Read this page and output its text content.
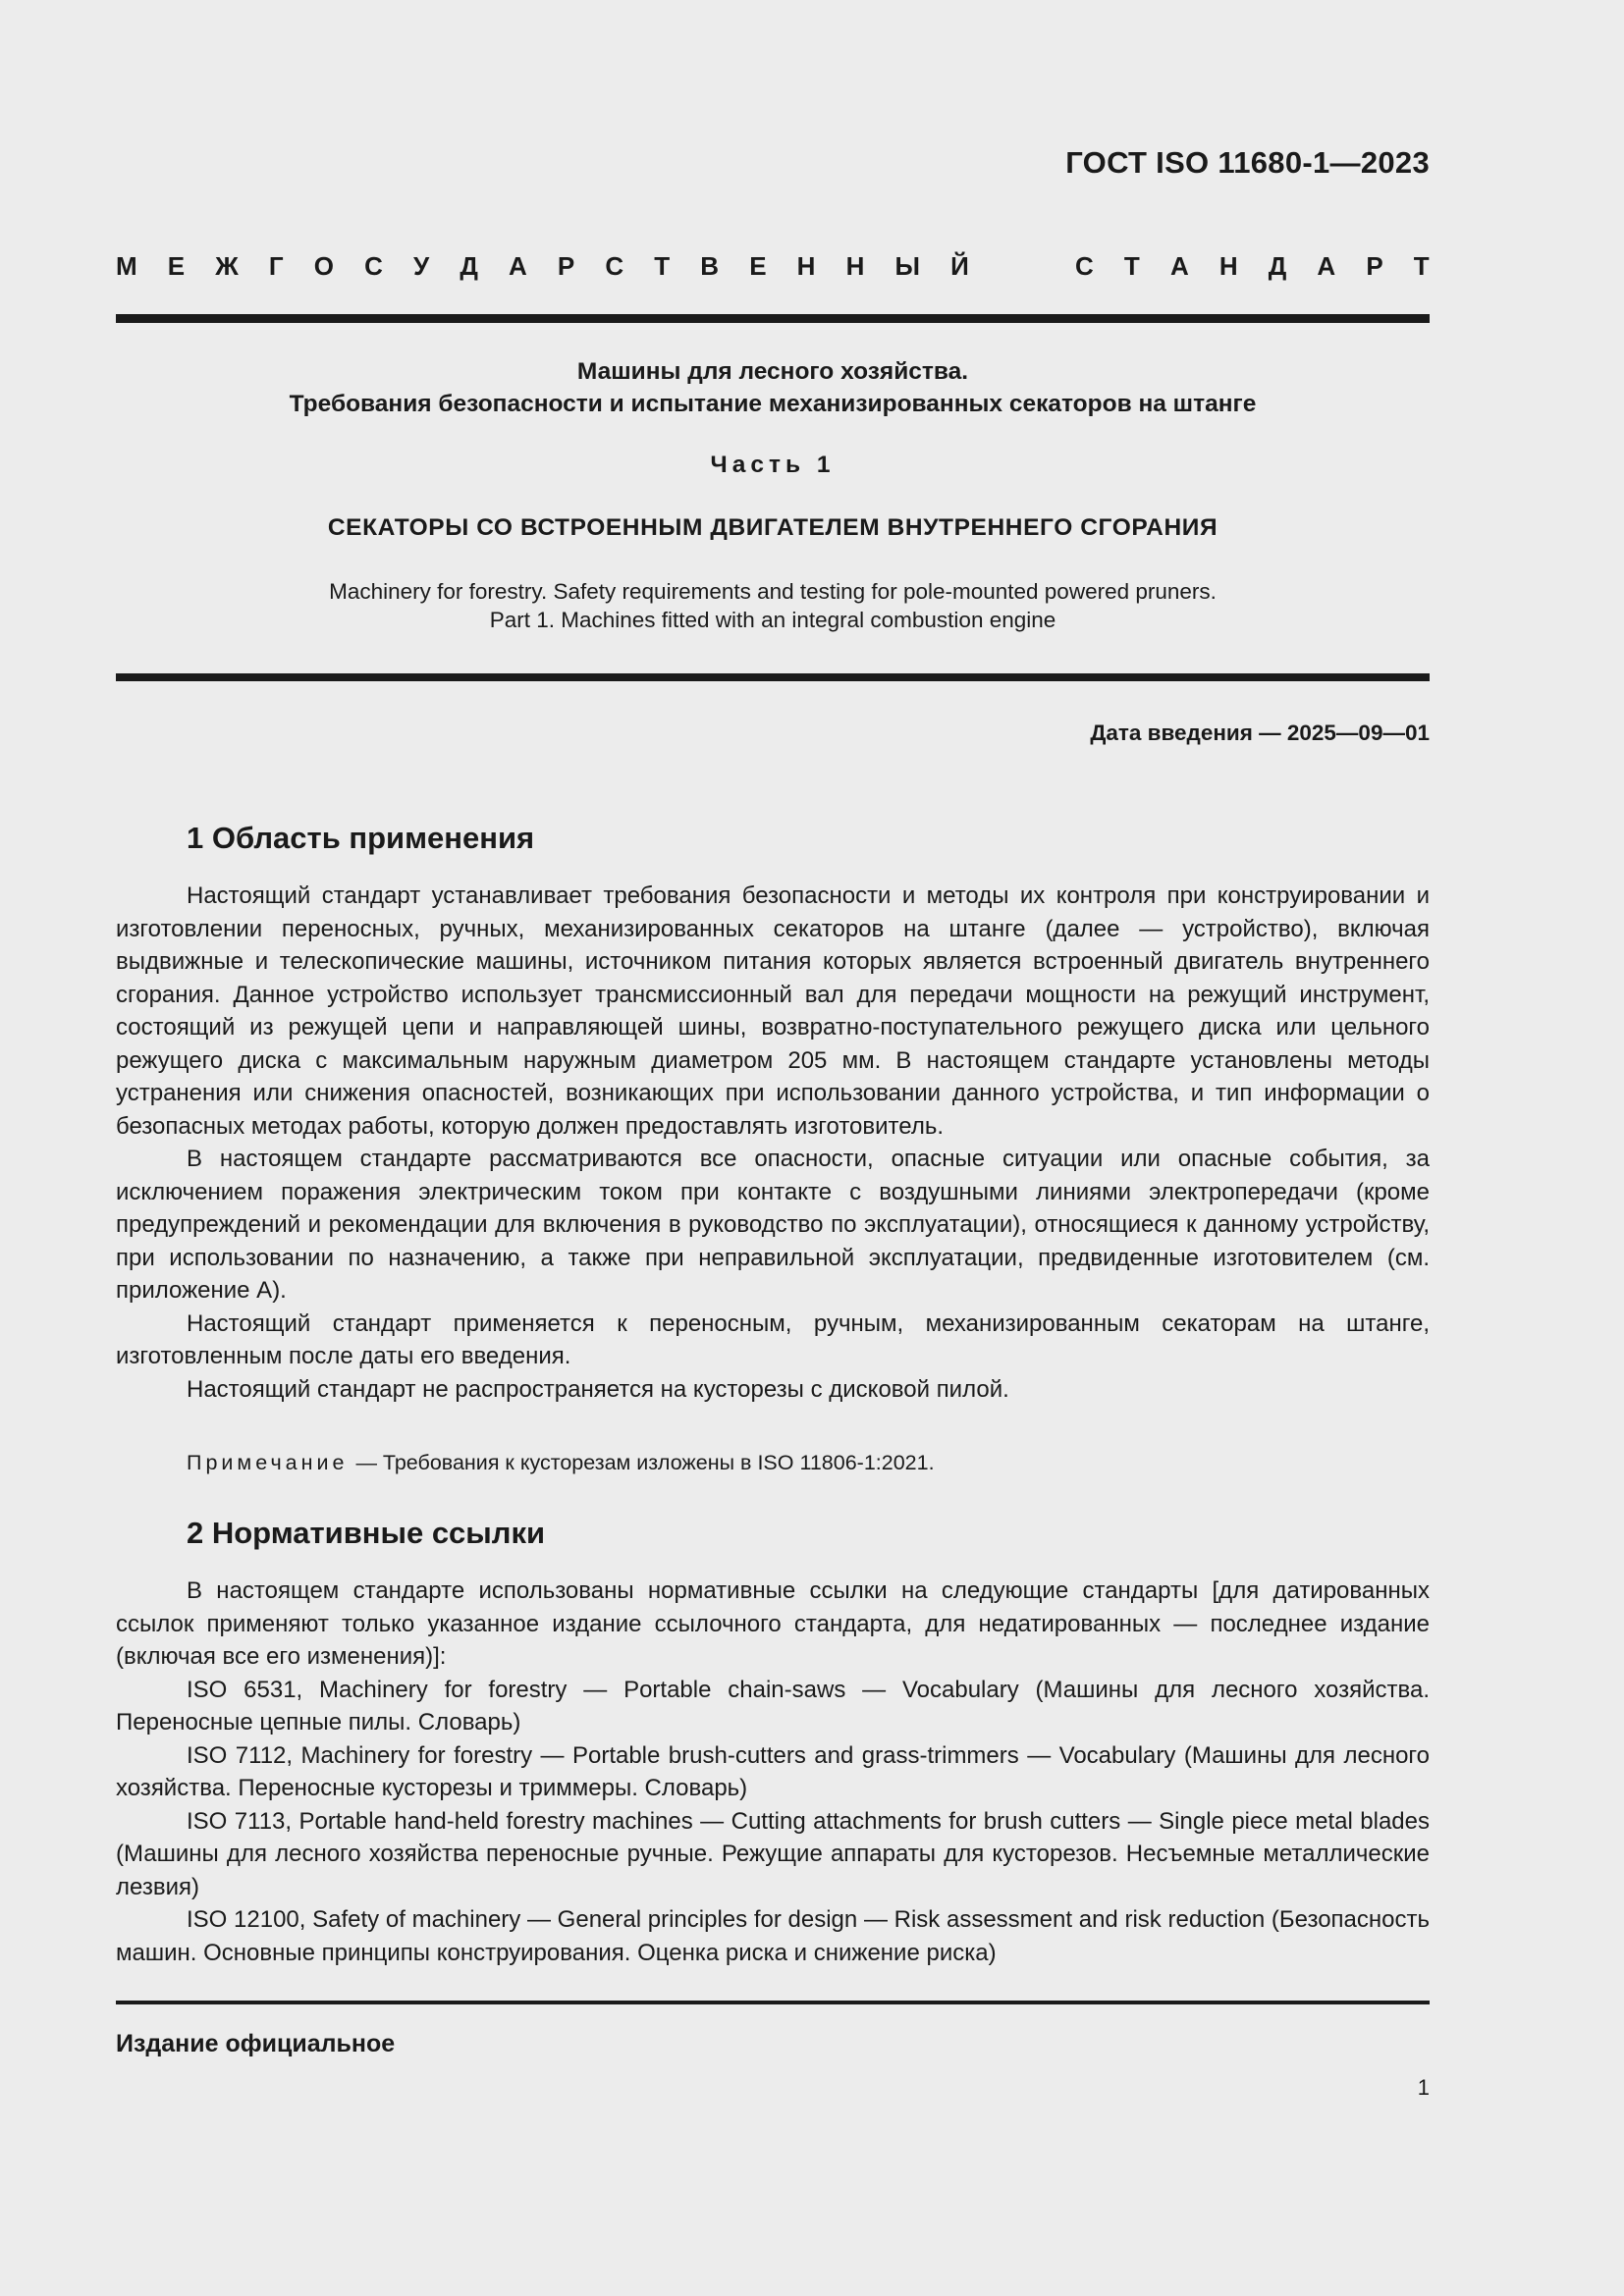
ГОСТ ISO 11680-1—2023
М Е Ж Г О С У Д А Р С Т В Е Н Н Ы Й	С Т А Н Д А Р Т
Машины для лесного хозяйства.
Требования безопасности и испытание механизированных секаторов на штанге
Часть 1
СЕКАТОРЫ СО ВСТРОЕННЫМ ДВИГАТЕЛЕМ ВНУТРЕННЕГО СГОРАНИЯ
Machinery for forestry. Safety requirements and testing for pole-mounted powered pruners.
Part 1. Machines fitted with an integral combustion engine
Дата введения — 2025—09—01
1 Область применения

Настоящий стандарт устанавливает требования безопасности и методы их контроля при конструировании и изготовлении переносных, ручных, механизированных секаторов на штанге (далее — устройство), включая выдвижные и телескопические машины, источником питания которых является встроенный двигатель внутреннего сгорания. Данное устройство использует трансмиссионный вал для передачи мощности на режущий инструмент, состоящий из режущей цепи и направляющей шины, возвратно-поступательного режущего диска или цельного режущего диска с максимальным наружным диаметром 205 мм. В настоящем стандарте установлены методы устранения или снижения опасностей, возникающих при использовании данного устройства, и тип информации о безопасных методах работы, которую должен предоставлять изготовитель.

В настоящем стандарте рассматриваются все опасности, опасные ситуации или опасные события, за исключением поражения электрическим током при контакте с воздушными линиями электропередачи (кроме предупреждений и рекомендации для включения в руководство по эксплуатации), относящиеся к данному устройству, при использовании по назначению, а также при неправильной эксплуатации, предвиденные изготовителем (см. приложение А).

Настоящий стандарт применяется к переносным, ручным, механизированным секаторам на штанге, изготовленным после даты его введения.

Настоящий стандарт не распространяется на кусторезы с дисковой пилой.

Примечание — Требования к кусторезам изложены в ISO 11806-1:2021.
2 Нормативные ссылки

В настоящем стандарте использованы нормативные ссылки на следующие стандарты [для датированных ссылок применяют только указанное издание ссылочного стандарта, для недатированных — последнее издание (включая все его изменения)]:

ISO 6531, Machinery for forestry — Portable chain-saws — Vocabulary (Машины для лесного хозяйства. Переносные цепные пилы. Словарь)

ISO 7112, Machinery for forestry — Portable brush-cutters and grass-trimmers — Vocabulary (Машины для лесного хозяйства. Переносные кусторезы и триммеры. Словарь)

ISO 7113, Portable hand-held forestry machines — Cutting attachments for brush cutters — Single piece metal blades (Машины для лесного хозяйства переносные ручные. Режущие аппараты для кусторезов. Несъемные металлические лезвия)

ISO 12100, Safety of machinery — General principles for design — Risk assessment and risk reduction (Безопасность машин. Основные принципы конструирования. Оценка риска и снижение риска)

Издание официальное
1
